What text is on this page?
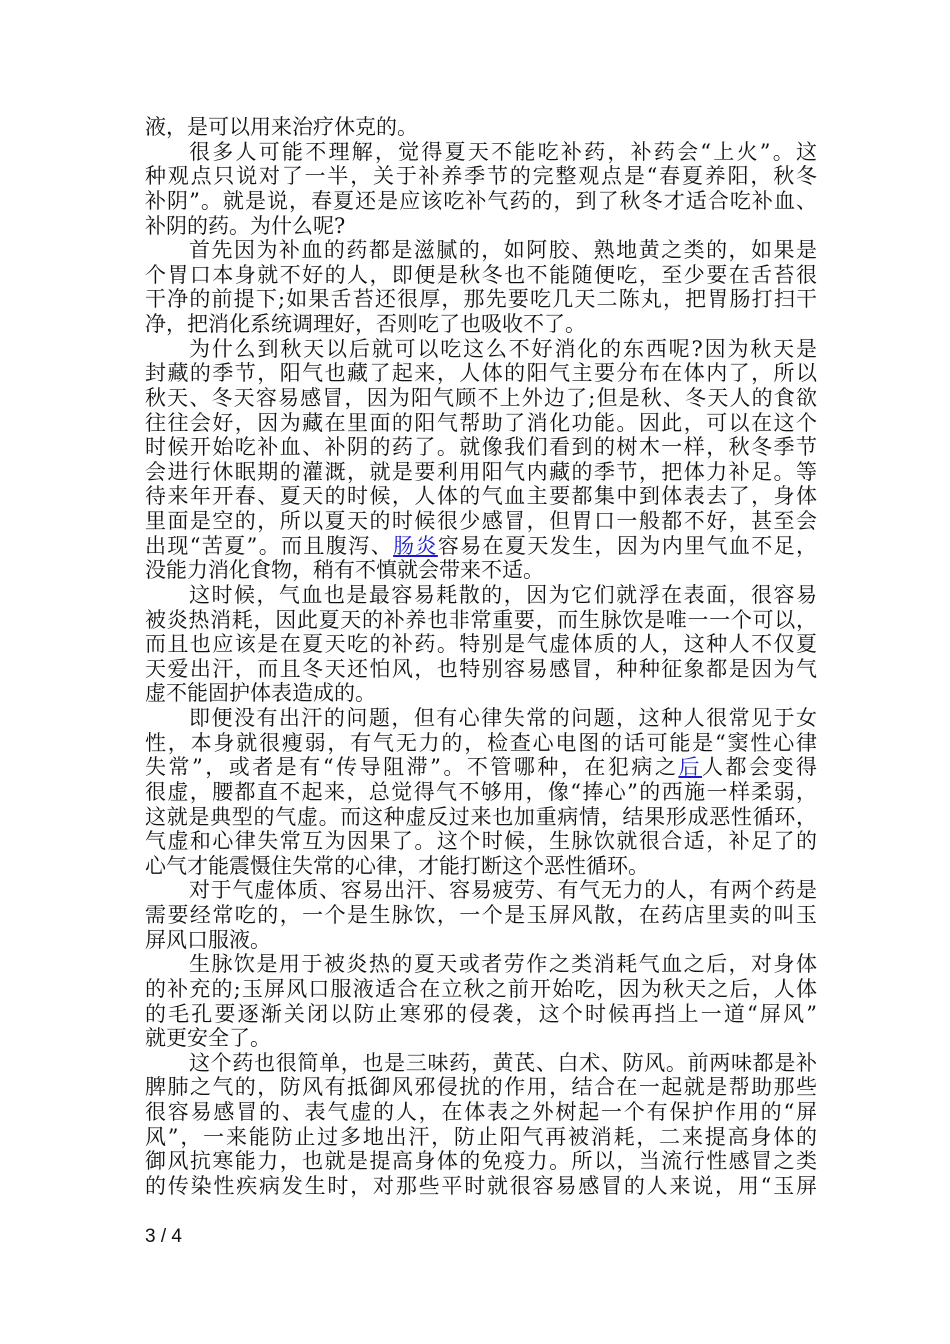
液，是可以用来治疗休克的。
很多人可能不理解，觉得夏天不能吃补药，补药会“上火”。这
种观点只说对了一半，关于补养季节的完整观点是“春夏养阳，秋冬
补阴”。就是说，春夏还是应该吃补气药的，到了秋冬才适合吃补血、
补阴的药。为什么呢?
首先因为补血的药都是滋腻的，如阿胶、熟地黄之类的，如果是
个胃口本身就不好的人，即便是秋冬也不能随便吃，至少要在舌苔很
干净的前提下;如果舌苔还很厚，那先要吃几天二陈丸，把胃肠打扫干
净，把消化系统调理好，否则吃了也吸收不了。
为什么到秋天以后就可以吃这么不好消化的东西呢?因为秋天是
封藏的季节，阳气也藏了起来，人体的阳气主要分布在体内了，所以
秋天、冬天容易感冒，因为阳气顾不上外边了;但是秋、冬天人的食欲
往往会好，因为藏在里面的阳气帮助了消化功能。因此，可以在这个
时候开始吃补血、补阴的药了。就像我们看到的树木一样，秋冬季节
会进行休眠期的灌溉，就是要利用阳气内藏的季节，把体力补足。等
待来年开春、夏天的时候，人体的气血主要都集中到体表去了，身体
里面是空的，所以夏天的时候很少感冒，但胃口一般都不好，甚至会
出现“苦夏”。而且腹泻、肠炎容易在夏天发生，因为内里气血不足，
没能力消化食物，稍有不慎就会带来不适。
这时候，气血也是最容易耗散的，因为它们就浮在表面，很容易
被炎热消耗，因此夏天的补养也非常重要，而生脉饮是唯一一个可以，
而且也应该是在夏天吃的补药。特别是气虚体质的人，这种人不仅夏
天爱出汗，而且冬天还怕风，也特别容易感冒，种种征象都是因为气
虚不能固护体表造成的。
即便没有出汗的问题，但有心律失常的问题，这种人很常见于女
性，本身就很瘦弱，有气无力的，检查心电图的话可能是“窦性心律
失常”，或者是有“传导阻滞”。不管哪种，在犯病之后人都会变得
很虚，腰都直不起来，总觉得气不够用，像“捧心”的西施一样柔弱，
这就是典型的气虚。而这种虚反过来也加重病情，结果形成恶性循环，
气虚和心律失常互为因果了。这个时候，生脉饮就很合适，补足了的
心气才能震慑住失常的心律，才能打断这个恶性循环。
对于气虚体质、容易出汗、容易疲劳、有气无力的人，有两个药是
需要经常吃的，一个是生脉饮，一个是玉屏风散，在药店里卖的叫玉
屏风口服液。
生脉饮是用于被炎热的夏天或者劳作之类消耗气血之后，对身体
的补充的;玉屏风口服液适合在立秋之前开始吃，因为秋天之后，人体
的毛孔要逐渐关闭以防止寒邪的侵袭，这个时候再挡上一道“屏风”
就更安全了。
这个药也很简单，也是三味药，黄芪、白术、防风。前两味都是补
脾肺之气的，防风有抵御风邪侵扰的作用，结合在一起就是帮助那些
很容易感冒的、表气虚的人，在体表之外树起一个有保护作用的“屏
风”，一来能防止过多地出汗，防止阳气再被消耗，二来提高身体的
御风抗寒能力，也就是提高身体的免疫力。所以，当流行性感冒之类
的传染性疾病发生时，对那些平时就很容易感冒的人来说，用“玉屏
3 / 4
